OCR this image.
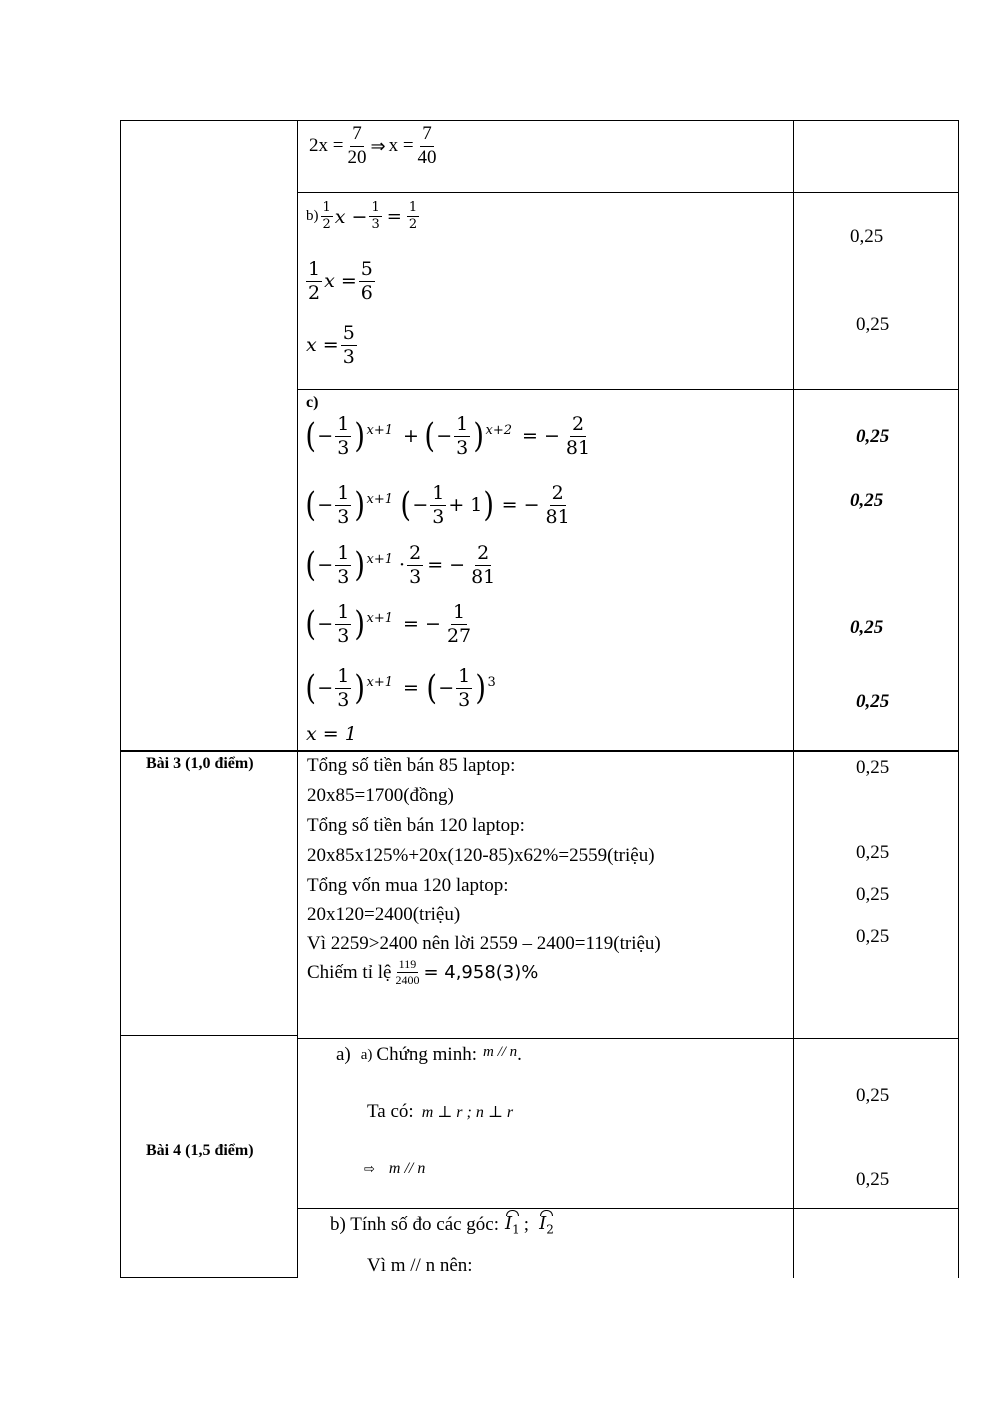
$2x = \frac{7}{20}$ ⇒ $x = \frac{7}{40}$
$b) \frac{1}{2}$ $x - \frac{1}{3} = \frac{1}{2}$
$\frac{1}{2}$ $x = \frac{5}{6}$
$x = \frac{5}{3}$
0,25
0,25
c)
( − $\frac{1}{3}$ ) x+1 + ( − $\frac{1}{3}$ ) x+2 = − $\frac{2}{81}$
( − $\frac{1}{3}$ ) x+1 ( − $\frac{1}{3} + 1$ ) = − $\frac{2}{81}$
( − $\frac{1}{3}$ ) $x+1 \cdot \frac{2}{3}$ = − $\frac{2}{81}$
( − $\frac{1}{3}$ ) x+1 = − $\frac{1}{27}$
( − $\frac{1}{3}$ ) x+1 = ( − $\frac{1}{3}$ ) 3
x = 1
0,25
0,25
0,25
0,25
Bài 3 (1,0 điểm)	Tổng số tiền bán 85 laptop:
20x85=1700(đồng)
Tổng số tiền bán 120 laptop:
20x85x125%+20x(120-85)x62%=2559(triệu)
Tổng vốn mua 120 laptop:
20x120=2400(triệu)
Vì 2259>2400 nên lời 2559 – 2400=119(triệu)
Chiếm tỉ lệ $\frac{119}{2400} = 4,958(3)\%$
0,25
0,25
0,25
0,25
Bài 4 (1,5 điểm)
a) a) Chứng minh: m // n .
Ta có: m ⊥ r ; n ⊥ r
⇨ m // n
0,25
0,25
b) Tính số đo các góc: $I_1$ ; $I_2$
Vì m // n nên:
